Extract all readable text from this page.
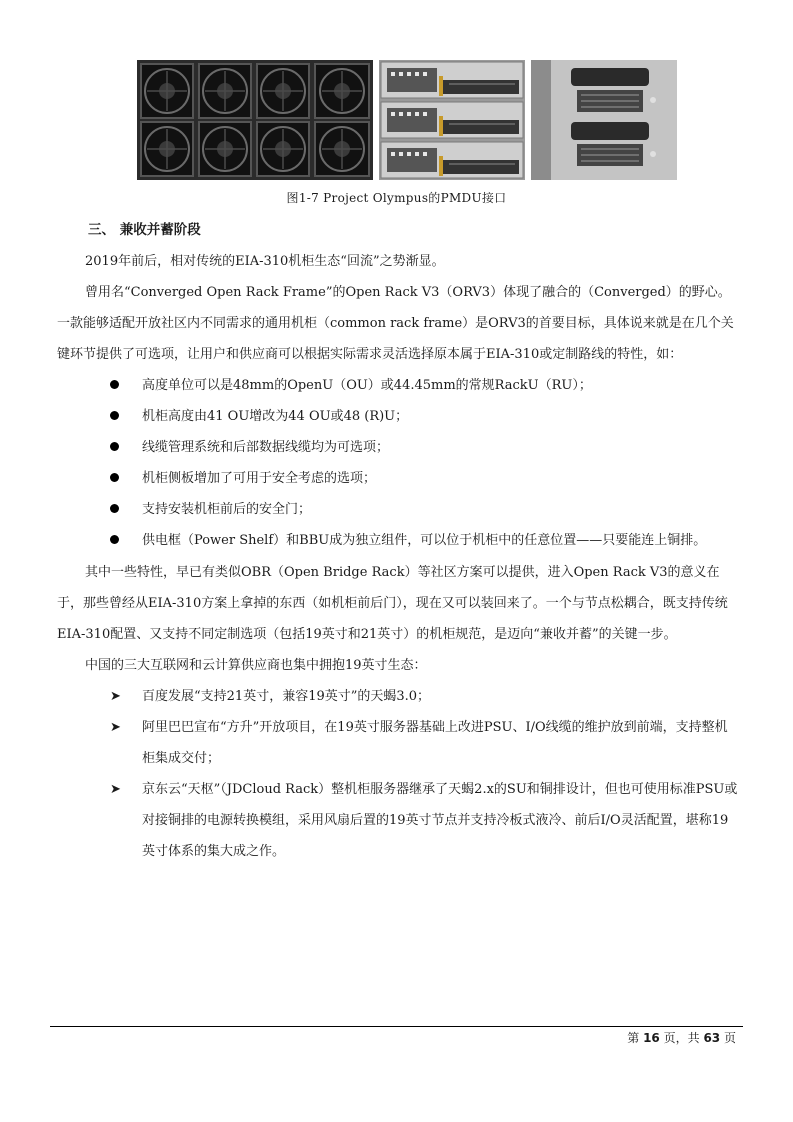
图1-7 Project Olympus的PMDU接口
三、 兼收并蓄阶段
2019年前后，相对传统的EIA-310机柜生态“回流”之势渐显。
曾用名“Converged Open Rack Frame”的Open Rack V3（ORV3）体现了融合的（Converged）的野心。一款能够适配开放社区内不同需求的通用机柜（common rack frame）是ORV3的首要目标，具体说来就是在几个关键环节提供了可选项，让用户和供应商可以根据实际需求灵活选择原本属于EIA-310或定制路线的特性，如：
高度单位可以是48mm的OpenU（OU）或44.45mm的常规RackU（RU）；
机柜高度由41 OU增改为44 OU或48 (R)U；
线缆管理系统和后部数据线缆均为可选项；
机柜侧板增加了可用于安全考虑的选项；
支持安装机柜前后的安全门；
供电框（Power Shelf）和BBU成为独立组件，可以位于机柜中的任意位置——只要能连上铜排。
其中一些特性，早已有类似OBR（Open Bridge Rack）等社区方案可以提供，进入Open Rack V3的意义在于，那些曾经从EIA-310方案上拿掉的东西（如机柜前后门），现在又可以装回来了。一个与节点松耦合，既支持传统EIA-310配置、又支持不同定制选项（包括19英寸和21英寸）的机柜规范，是迈向“兼收并蓄”的关键一步。
中国的三大互联网和云计算供应商也集中拥抱19英寸生态：
➤ 百度发展“支持21英寸，兼容19英寸”的天蝎3.0；
➤ 阿里巴巴宣布“方升”开放项目，在19英寸服务器基础上改进PSU、I/O线缆的维护放到前端，支持整机柜集成交付；
➤ 京东云“天枢”（JDCloud Rack）整机柜服务器继承了天蝎2.x的SU和铜排设计，但也可使用标准PSU或对接铜排的电源转换模组，采用风扇后置的19英寸节点并支持冷板式液冷、前后I/O灵活配置，堪称19英寸体系的集大成之作。
第 16 页，共 63 页
